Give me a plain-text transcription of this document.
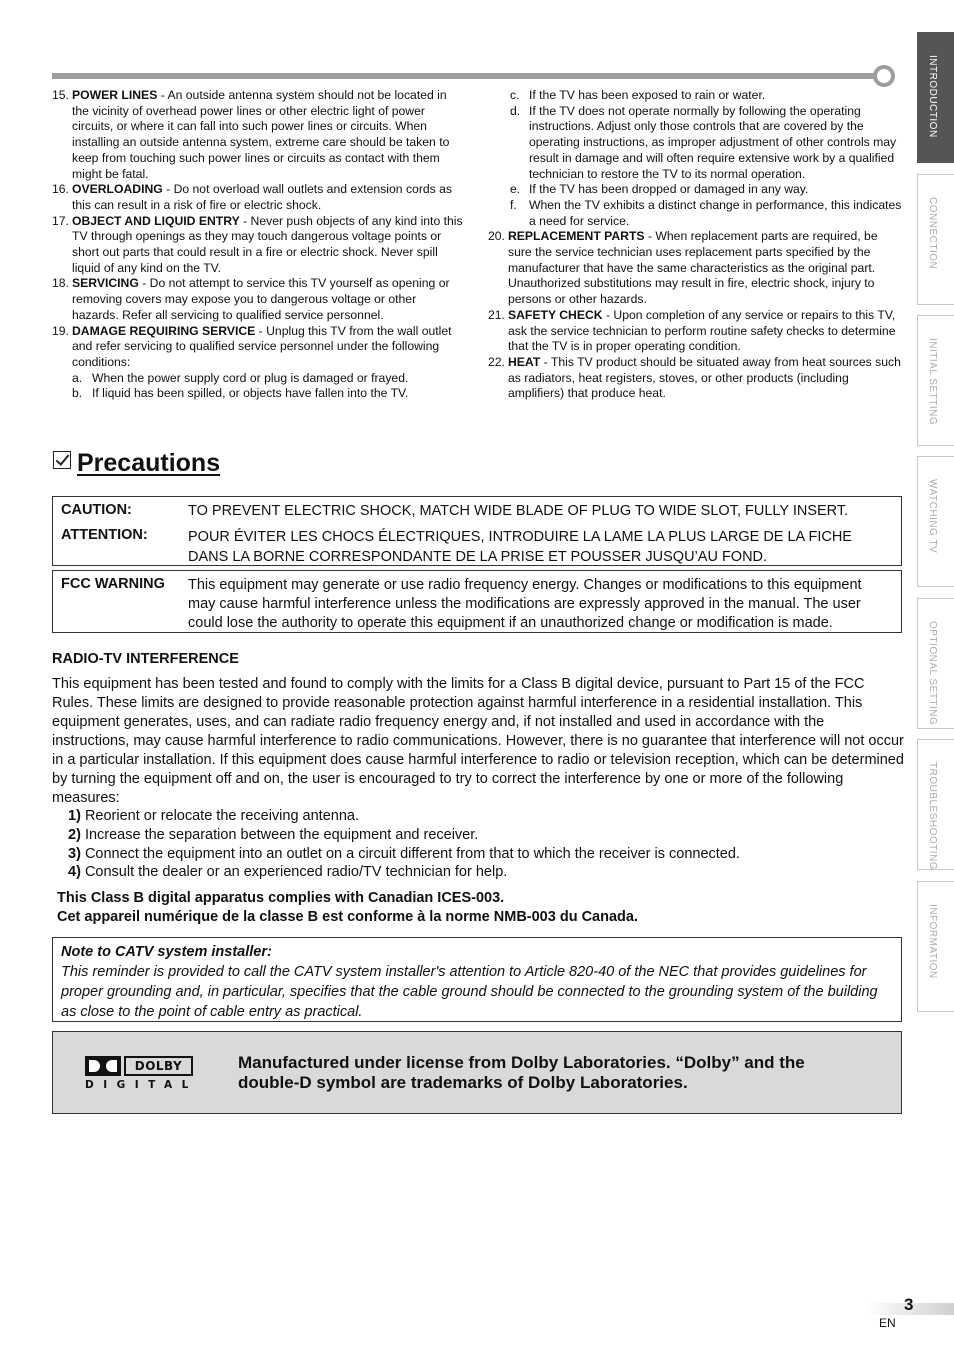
INTRODUCTION
CONNECTION
INITIAL SETTING
WATCHING TV
OPTIONAL SETTING
TROUBLESHOOTING
INFORMATION
15. POWER LINES - An outside antenna system should not be located in the vicinity of overhead power lines or other electric light of power circuits, or where it can fall into such power lines or circuits. When installing an outside antenna system, extreme care should be taken to keep from touching such power lines or circuits as contact with them might be fatal.
16. OVERLOADING - Do not overload wall outlets and extension cords as this can result in a risk of fire or electric shock.
17. OBJECT AND LIQUID ENTRY - Never push objects of any kind into this TV through openings as they may touch dangerous voltage points or short out parts that could result in a fire or electric shock. Never spill liquid of any kind on the TV.
18. SERVICING - Do not attempt to service this TV yourself as opening or removing covers may expose you to dangerous voltage or other hazards. Refer all servicing to qualified service personnel.
19. DAMAGE REQUIRING SERVICE - Unplug this TV from the wall outlet and refer servicing to qualified service personnel under the following conditions:
a. When the power supply cord or plug is damaged or frayed.
b. If liquid has been spilled, or objects have fallen into the TV.
c. If the TV has been exposed to rain or water.
d. If the TV does not operate normally by following the operating instructions. Adjust only those controls that are covered by the operating instructions, as improper adjustment of other controls may result in damage and will often require extensive work by a qualified technician to restore the TV to its normal operation.
e. If the TV has been dropped or damaged in any way.
f. When the TV exhibits a distinct change in performance, this indicates a need for service.
20. REPLACEMENT PARTS - When replacement parts are required, be sure the service technician uses replacement parts specified by the manufacturer that have the same characteristics as the original part. Unauthorized substitutions may result in fire, electric shock, injury to persons or other hazards.
21. SAFETY CHECK - Upon completion of any service or repairs to this TV, ask the service technician to perform routine safety checks to determine that the TV is in proper operating condition.
22. HEAT - This TV product should be situated away from heat sources such as radiators, heat registers, stoves, or other products (including amplifiers) that produce heat.
Precautions
CAUTION:	TO PREVENT ELECTRIC SHOCK, MATCH WIDE BLADE OF PLUG TO WIDE SLOT, FULLY INSERT.
ATTENTION:	POUR ÉVITER LES CHOCS ÉLECTRIQUES, INTRODUIRE LA LAME LA PLUS LARGE DE LA FICHE DANS LA BORNE CORRESPONDANTE DE LA PRISE ET POUSSER JUSQU’AU FOND.
FCC WARNING This equipment may generate or use radio frequency energy. Changes or modifications to this equipment may cause harmful interference unless the modifications are expressly approved in the manual. The user could lose the authority to operate this equipment if an unauthorized change or modification is made.
RADIO-TV INTERFERENCE
This equipment has been tested and found to comply with the limits for a Class B digital device, pursuant to Part 15 of the FCC Rules. These limits are designed to provide reasonable protection against harmful interference in a residential installation. This equipment generates, uses, and can radiate radio frequency energy and, if not installed and used in accordance with the instructions, may cause harmful interference to radio communications. However, there is no guarantee that interference will not occur in a particular installation. If this equipment does cause harmful interference to radio or television reception, which can be determined by turning the equipment off and on, the user is encouraged to try to correct the interference by one or more of the following measures:
1) Reorient or relocate the receiving antenna.
2) Increase the separation between the equipment and receiver.
3) Connect the equipment into an outlet on a circuit different from that to which the receiver is connected.
4) Consult the dealer or an experienced radio/TV technician for help.
This Class B digital apparatus complies with Canadian ICES-003.
Cet appareil numérique de la classe B est conforme à la norme NMB-003 du Canada.
Note to CATV system installer:
This reminder is provided to call the CATV system installer's attention to Article 820-40 of the NEC that provides guidelines for proper grounding and, in particular, specifies that the cable ground should be connected to the grounding system of the building as close to the point of cable entry as practical.
DOLBY
DIGITAL
Manufactured under license from Dolby Laboratories. “Dolby” and the double-D symbol are trademarks of Dolby Laboratories.
3
EN
